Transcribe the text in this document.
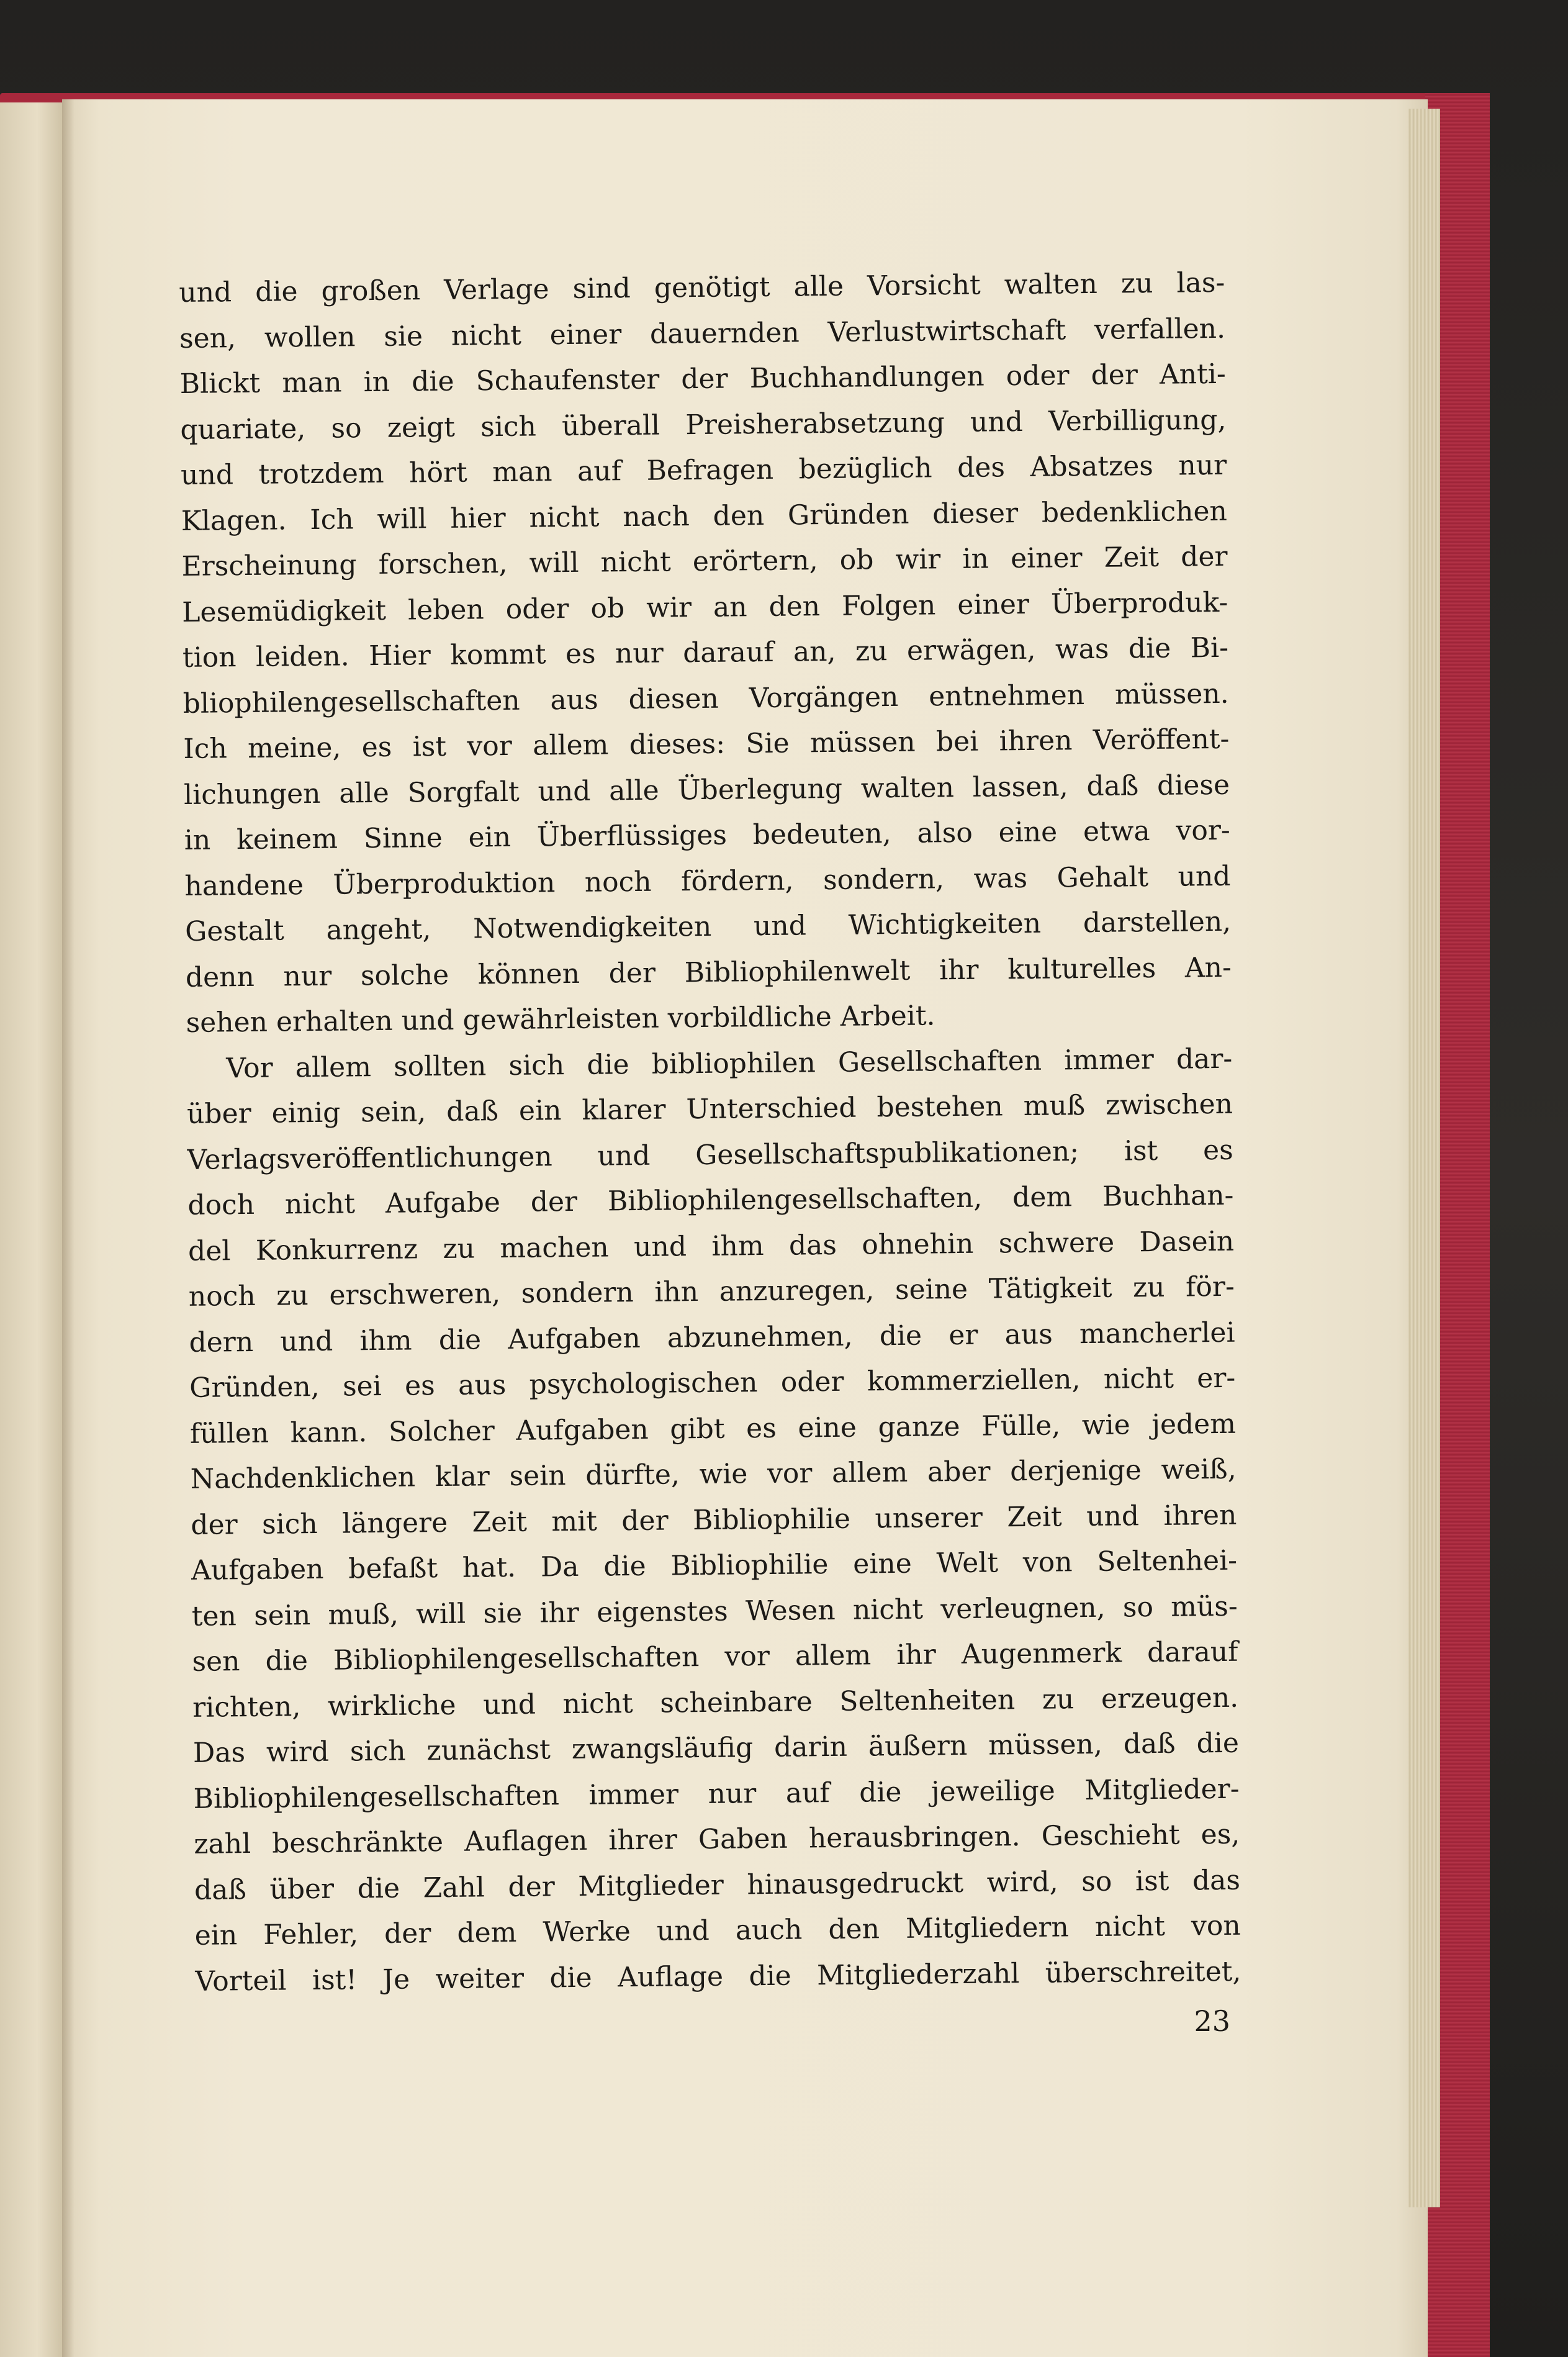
und die großen Verlage sind genötigt alle Vorsicht walten zu las-
sen, wollen sie nicht einer dauernden Verlustwirtschaft verfallen.
Blickt man in die Schaufenster der Buchhandlungen oder der Anti-
quariate, so zeigt sich überall Preisherabsetzung und Verbilligung,
und trotzdem hört man auf Befragen bezüglich des Absatzes nur
Klagen. Ich will hier nicht nach den Gründen dieser bedenklichen
Erscheinung forschen, will nicht erörtern, ob wir in einer Zeit der
Lesemüdigkeit leben oder ob wir an den Folgen einer Überproduk-
tion leiden. Hier kommt es nur darauf an, zu erwägen, was die Bi-
bliophilengesellschaften aus diesen Vorgängen entnehmen müssen.
Ich meine, es ist vor allem dieses: Sie müssen bei ihren Veröffent-
lichungen alle Sorgfalt und alle Überlegung walten lassen, daß diese
in keinem Sinne ein Überflüssiges bedeuten, also eine etwa vor-
handene Überproduktion noch fördern, sondern, was Gehalt und
Gestalt angeht, Notwendigkeiten und Wichtigkeiten darstellen,
denn nur solche können der Bibliophilenwelt ihr kulturelles An-
sehen erhalten und gewährleisten vorbildliche Arbeit.
Vor allem sollten sich die bibliophilen Gesellschaften immer dar-
über einig sein, daß ein klarer Unterschied bestehen muß zwischen
Verlagsveröffentlichungen und Gesellschaftspublikationen; ist es
doch nicht Aufgabe der Bibliophilengesellschaften, dem Buchhan-
del Konkurrenz zu machen und ihm das ohnehin schwere Dasein
noch zu erschweren, sondern ihn anzuregen, seine Tätigkeit zu för-
dern und ihm die Aufgaben abzunehmen, die er aus mancherlei
Gründen, sei es aus psychologischen oder kommerziellen, nicht er-
füllen kann. Solcher Aufgaben gibt es eine ganze Fülle, wie jedem
Nachdenklichen klar sein dürfte, wie vor allem aber derjenige weiß,
der sich längere Zeit mit der Bibliophilie unserer Zeit und ihren
Aufgaben befaßt hat. Da die Bibliophilie eine Welt von Seltenhei-
ten sein muß, will sie ihr eigenstes Wesen nicht verleugnen, so müs-
sen die Bibliophilengesellschaften vor allem ihr Augenmerk darauf
richten, wirkliche und nicht scheinbare Seltenheiten zu erzeugen.
Das wird sich zunächst zwangsläufig darin äußern müssen, daß die
Bibliophilengesellschaften immer nur auf die jeweilige Mitglieder-
zahl beschränkte Auflagen ihrer Gaben herausbringen. Geschieht es,
daß über die Zahl der Mitglieder hinausgedruckt wird, so ist das
ein Fehler, der dem Werke und auch den Mitgliedern nicht von
Vorteil ist! Je weiter die Auflage die Mitgliederzahl überschreitet,
23
